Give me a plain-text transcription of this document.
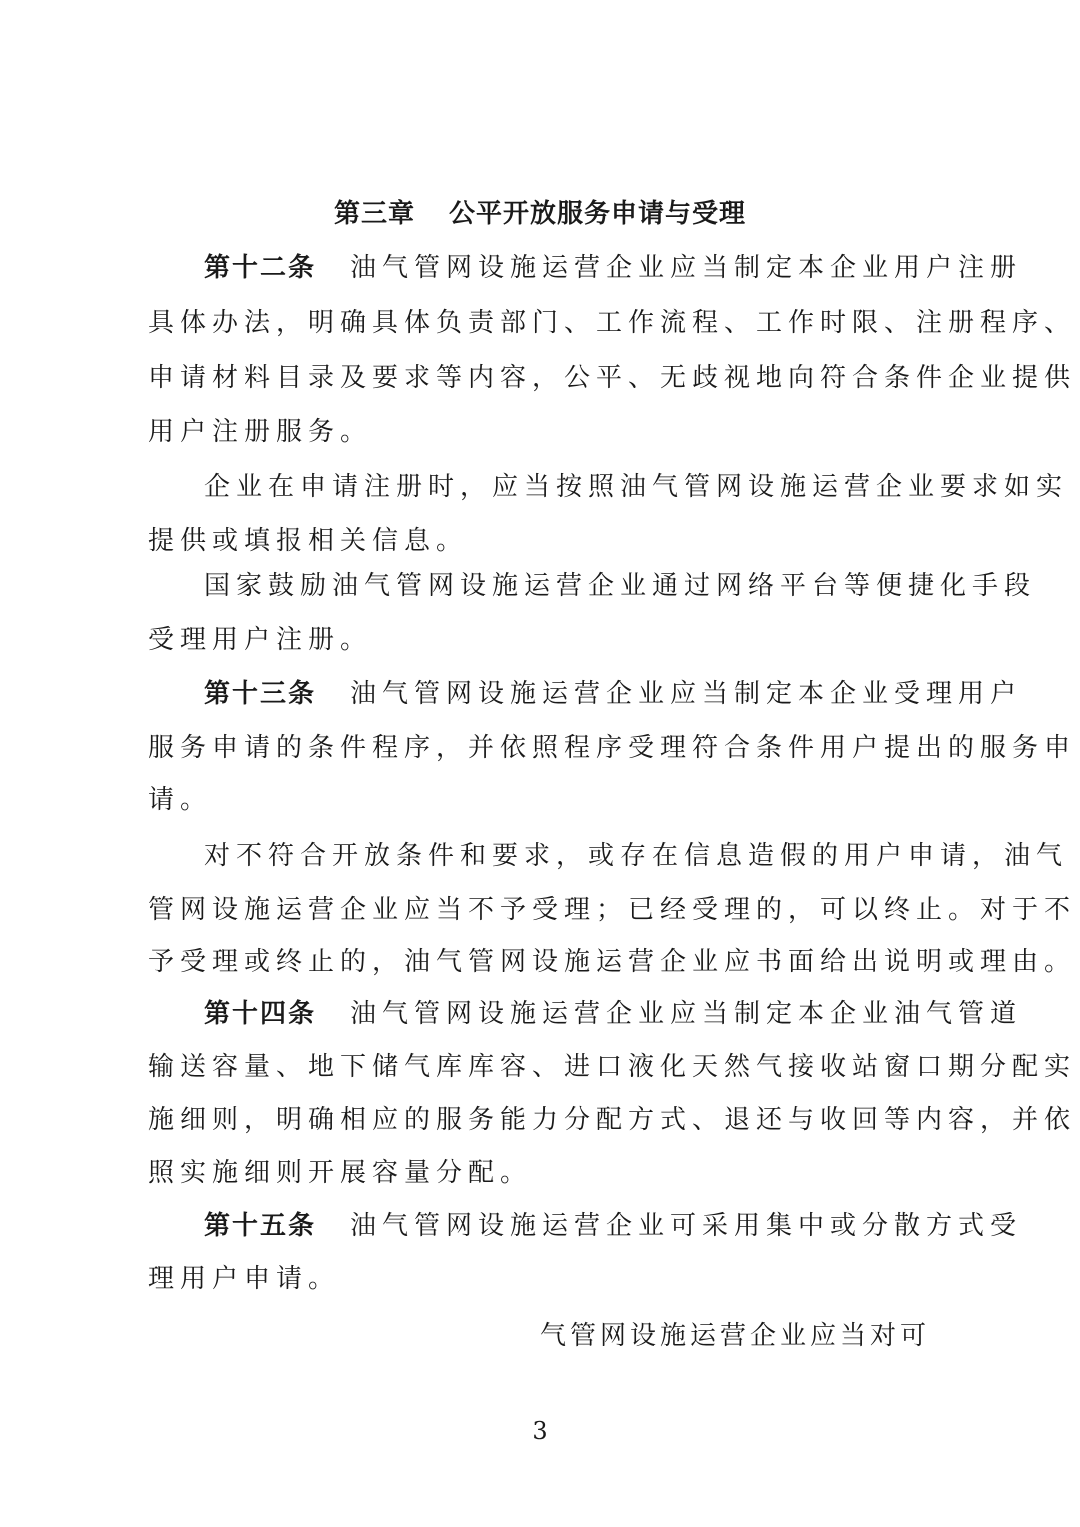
第三章 公平开放服务申请与受理
第十二条 油气管网设施运营企业应当制定本企业用户注册
具体办法，明确具体负责部门、工作流程、工作时限、注册程序、
申请材料目录及要求等内容，公平、无歧视地向符合条件企业提供
用户注册服务。
企业在申请注册时，应当按照油气管网设施运营企业要求如实
提供或填报相关信息。
国家鼓励油气管网设施运营企业通过网络平台等便捷化手段
受理用户注册。
第十三条 油气管网设施运营企业应当制定本企业受理用户
服务申请的条件程序，并依照程序受理符合条件用户提出的服务申
请。
对不符合开放条件和要求，或存在信息造假的用户申请，油气
管网设施运营企业应当不予受理；已经受理的，可以终止。对于不
予受理或终止的，油气管网设施运营企业应书面给出说明或理由。
第十四条 油气管网设施运营企业应当制定本企业油气管道
输送容量、地下储气库库容、进口液化天然气接收站窗口期分配实
施细则，明确相应的服务能力分配方式、退还与收回等内容，并依
照实施细则开展容量分配。
第十五条 油气管网设施运营企业可采用集中或分散方式受
理用户申请。
气管网设施运营企业应当对可
3
